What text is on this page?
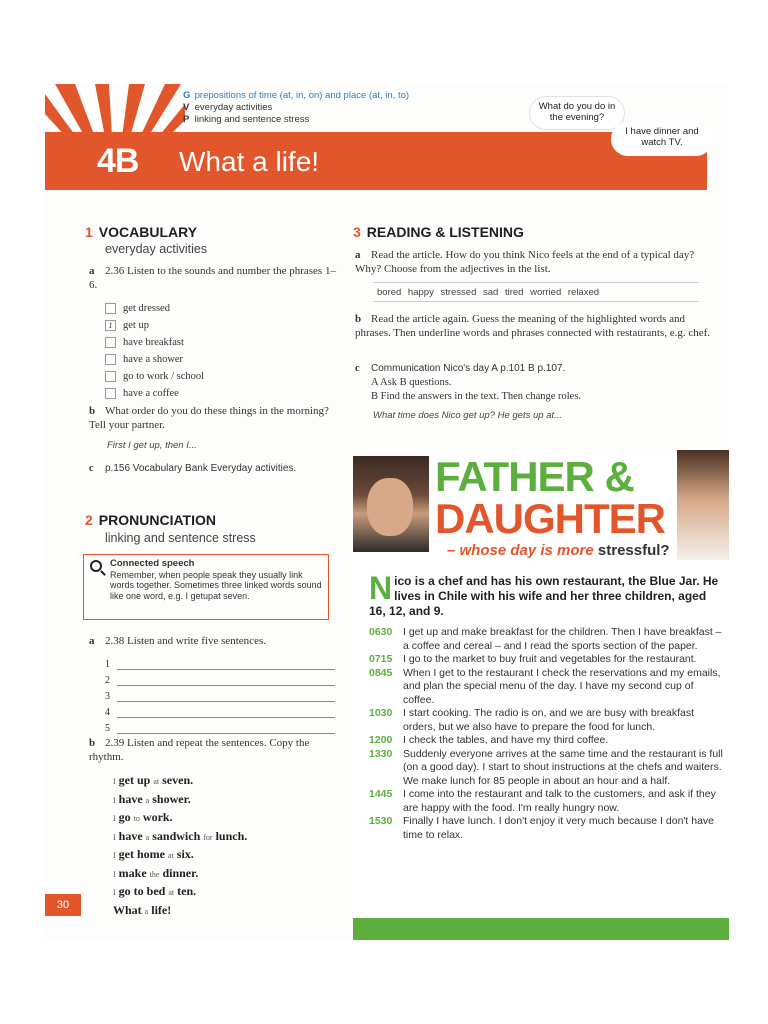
G prepositions of time (at, in, on) and place (at, in, to)
V everyday activities
P linking and sentence stress
4B What a life!
What do you do in the evening?
I have dinner and watch TV.
1 VOCABULARY
everyday activities
a 2.36 Listen to the sounds and number the phrases 1–6.
get dressed
1	get up
have breakfast
have a shower
go to work / school
have a coffee
b What order do you do these things in the morning? Tell your partner.
First I get up, then I...
c p.156 Vocabulary Bank Everyday activities.
2 PRONUNCIATION
linking and sentence stress
Connected speech
Remember, when people speak they usually link words together. Sometimes three linked words sound like one word, e.g. I getupat seven.
a 2.38 Listen and write five sentences.
1
2
3
4
5
b 2.39 Listen and repeat the sentences. Copy the rhythm.
I get up at seven.
I have a shower.
I go to work.
I have a sandwich for lunch.
I get home at six.
I make the dinner.
I go to bed at ten.
What a life!
30
3 READING & LISTENING
a Read the article. How do you think Nico feels at the end of a typical day? Why? Choose from the adjectives in the list.
bored happy stressed sad tired worried relaxed
b Read the article again. Guess the meaning of the highlighted words and phrases. Then underline words and phrases connected with restaurants, e.g. chef.
c Communication Nico's day A p.101 B p.107.
A Ask B questions.
B Find the answers in the text. Then change roles.
What time does Nico get up? He gets up at...
FATHER &
DAUGHTER
– whose day is more stressful?
Nico is a chef and has his own restaurant, the Blue Jar. He lives in Chile with his wife and her three children, aged 16, 12, and 9.
0630	I get up and make breakfast for the children. Then I have breakfast – a coffee and cereal – and I read the sports section of the paper.
0715	I go to the market to buy fruit and vegetables for the restaurant.
0845	When I get to the restaurant I check the reservations and my emails, and plan the special menu of the day. I have my second cup of coffee.
1030	I start cooking. The radio is on, and we are busy with breakfast orders, but we also have to prepare the food for lunch.
1200	I check the tables, and have my third coffee.
1330	Suddenly everyone arrives at the same time and the restaurant is full (on a good day). I start to shout instructions at the chefs and waiters. We make lunch for 85 people in about an hour and a half.
1445	I come into the restaurant and talk to the customers, and ask if they are happy with the food. I'm really hungry now.
1530	Finally I have lunch. I don't enjoy it very much because I don't have time to relax.
